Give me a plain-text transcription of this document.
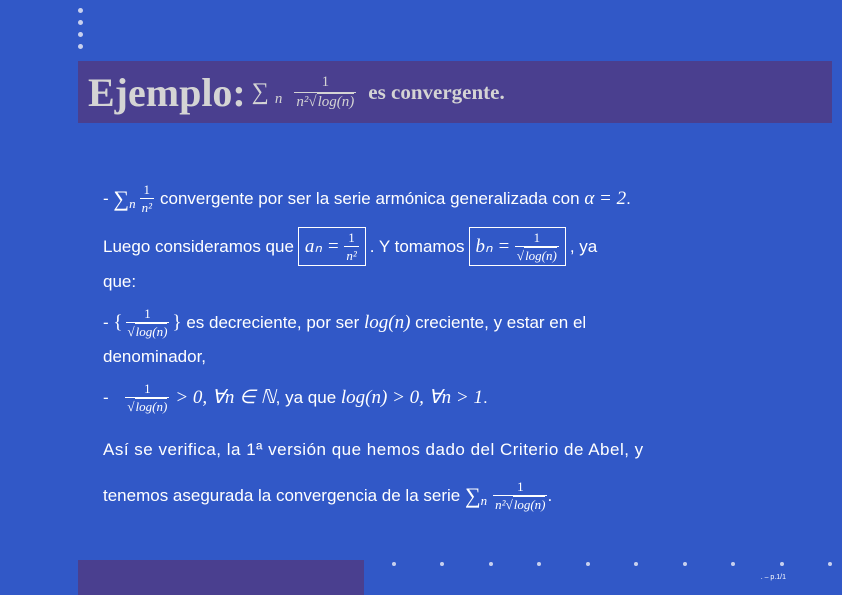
Ejemplo: ∑ n $\frac{1}{\text{n²√log(n)}}$ es convergente.
-
∑ n $\frac{1}{\text{n²}}$ convergente por ser la serie armónica generalizada con
α = 2 .
Luego consideramos que aₙ =
$\frac{1}{\text{n²}}$ . Y tomamos bₙ =
$\frac{1}{√\log(n)}$ , ya
que:
-
{ $\frac{1}{√\log(n)}$ }
es decreciente, por ser
log(n)
creciente, y estar en el
denominador,
-
$\frac{1}{√\log(n)} > 0$, ∀n ∈ ℕ , ya que
log(n) > 0, ∀n > 1 .
Así se verifica, la 1ª versión que hemos dado del Criterio de Abel, y
tenemos asegurada la convergencia de la serie
∑ n $\frac{1}{\text{n²√log(n)}}$ .
. – p.1/1
